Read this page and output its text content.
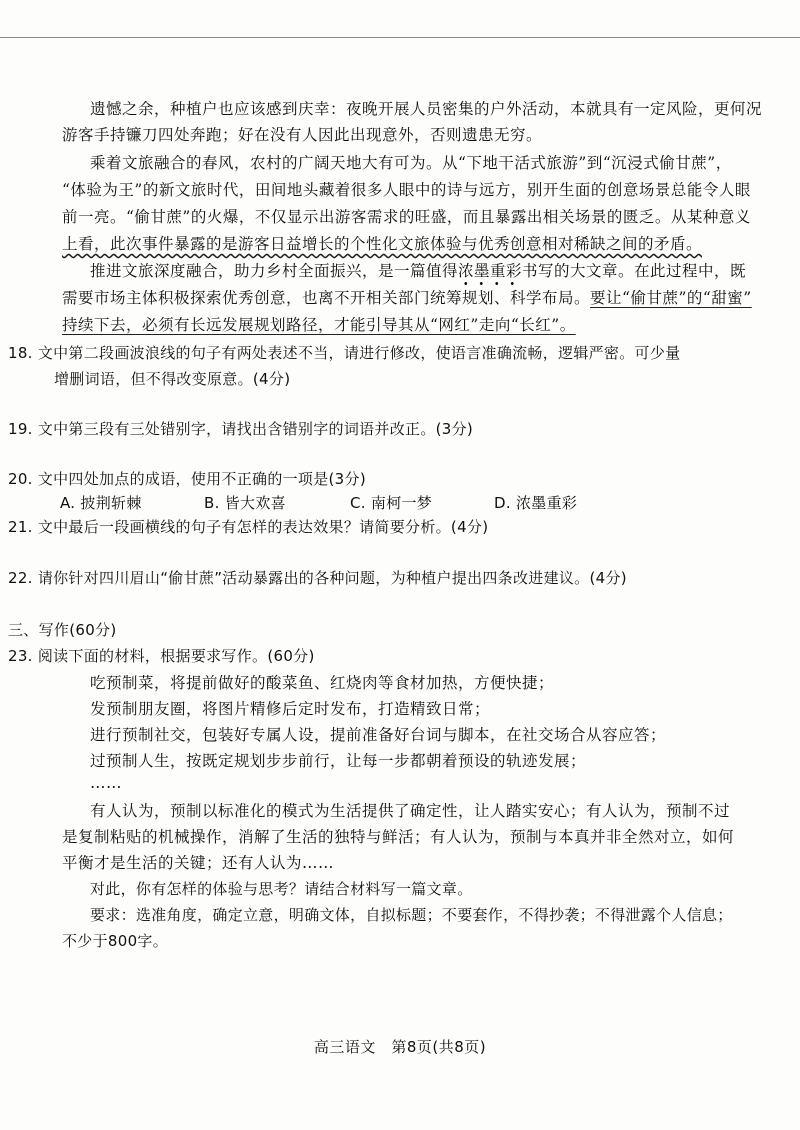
遗憾之余，种植户也应该感到庆幸：夜晚开展人员密集的户外活动，本就具有一定风险，更何况
游客手持镰刀四处奔跑；好在没有人因此出现意外，否则遗患无穷。
乘着文旅融合的春风，农村的广阔天地大有可为。从“下地干活式旅游”到“沉浸式偷甘蔗”，
“体验为王”的新文旅时代，田间地头藏着很多人眼中的诗与远方，别开生面的创意场景总能令人眼
前一亮。“偷甘蔗”的火爆，不仅显示出游客需求的旺盛，而且暴露出相关场景的匮乏。从某种意义
上看，此次事件暴露的是游客日益增长的个性化文旅体验与优秀创意相对稀缺之间的矛盾。
推进文旅深度融合，助力乡村全面振兴，是一篇值得浓墨重彩书写的大文章。在此过程中，既
需要市场主体积极探索优秀创意，也离不开相关部门统筹规划、科学布局。要让“偷甘蔗”的“甜蜜”
持续下去，必须有长远发展规划路径，才能引导其从“网红”走向“长红”。
18. 文中第二段画波浪线的句子有两处表述不当，请进行修改，使语言准确流畅，逻辑严密。可少量
增删词语，但不得改变原意。(4分)
19. 文中第三段有三处错别字，请找出含错别字的词语并改正。(3分)
20. 文中四处加点的成语，使用不正确的一项是(3分)
A. 披荆斩棘	B. 皆大欢喜	C. 南柯一梦	D. 浓墨重彩
21. 文中最后一段画横线的句子有怎样的表达效果？请简要分析。(4分)
22. 请你针对四川眉山“偷甘蔗”活动暴露出的各种问题，为种植户提出四条改进建议。(4分)
三、写作(60分)
23. 阅读下面的材料，根据要求写作。(60分)
吃预制菜，将提前做好的酸菜鱼、红烧肉等食材加热，方便快捷；
发预制朋友圈，将图片精修后定时发布，打造精致日常；
进行预制社交，包装好专属人设，提前准备好台词与脚本，在社交场合从容应答；
过预制人生，按既定规划步步前行，让每一步都朝着预设的轨迹发展；
……
有人认为，预制以标准化的模式为生活提供了确定性，让人踏实安心；有人认为，预制不过
是复制粘贴的机械操作，消解了生活的独特与鲜活；有人认为，预制与本真并非全然对立，如何
平衡才是生活的关键；还有人认为……
对此，你有怎样的体验与思考？请结合材料写一篇文章。
要求：选准角度，确定立意，明确文体，自拟标题；不要套作，不得抄袭；不得泄露个人信息；
不少于800字。
高三语文　第8页(共8页)
